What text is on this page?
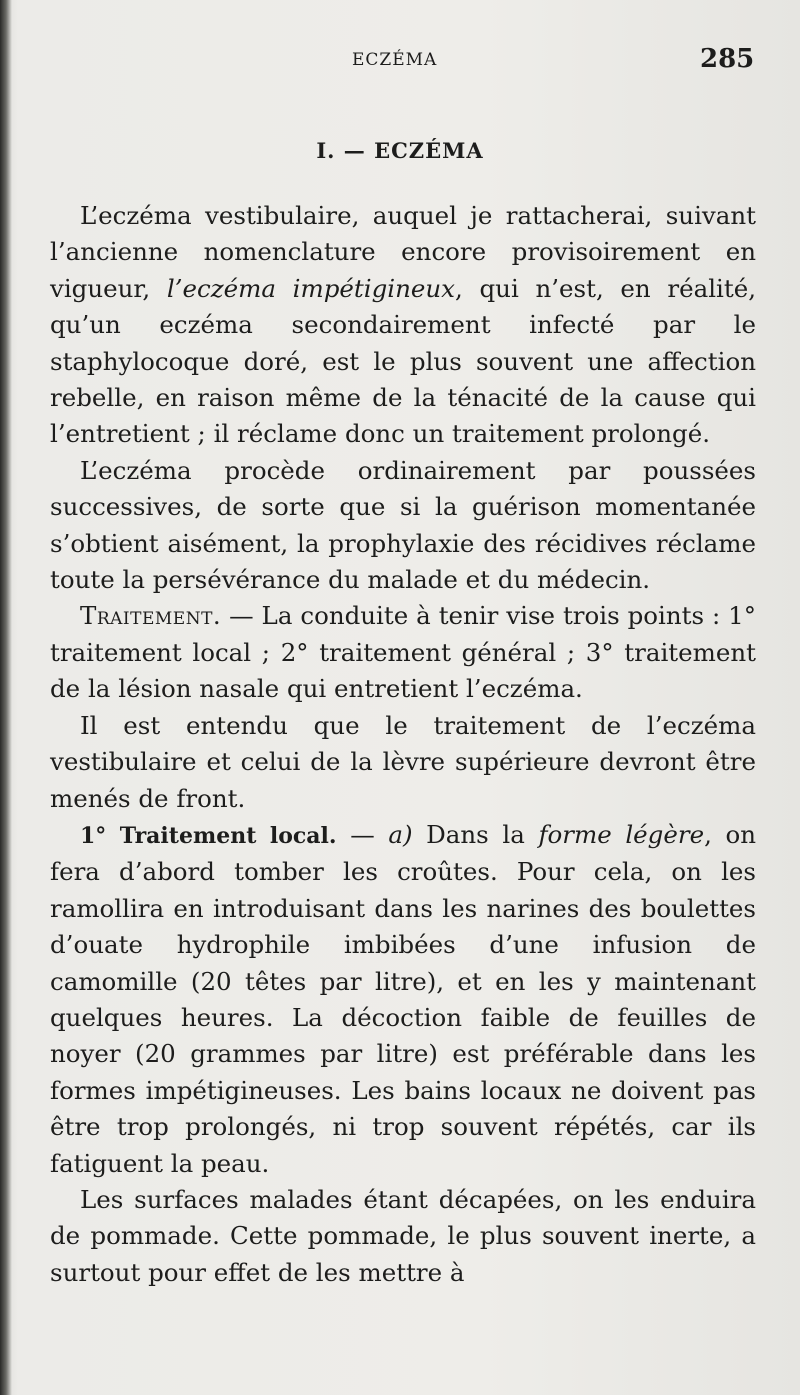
ECZÉMA	285
I. — ECZÉMA

L’eczéma vestibulaire, auquel je rattacherai, suivant l’ancienne nomenclature encore provisoirement en vigueur, l’eczéma impétigineux, qui n’est, en réalité, qu’un eczéma secondairement infecté par le staphylocoque doré, est le plus souvent une affection rebelle, en raison même de la ténacité de la cause qui l’entretient ; il réclame donc un traitement prolongé.

L’eczéma procède ordinairement par poussées successives, de sorte que si la guérison momentanée s’obtient aisément, la prophylaxie des récidives réclame toute la persévérance du malade et du médecin.

Traitement. — La conduite à tenir vise trois points : 1° traitement local ; 2° traitement général ; 3° traitement de la lésion nasale qui entretient l’eczéma.

Il est entendu que le traitement de l’eczéma vestibulaire et celui de la lèvre supérieure devront être menés de front.

1° Traitement local. — a) Dans la forme légère, on fera d’abord tomber les croûtes. Pour cela, on les ramollira en introduisant dans les narines des boulettes d’ouate hydrophile imbibées d’une infusion de camomille (20 têtes par litre), et en les y maintenant quelques heures. La décoction faible de feuilles de noyer (20 grammes par litre) est préférable dans les formes impétigineuses. Les bains locaux ne doivent pas être trop prolongés, ni trop souvent répétés, car ils fatiguent la peau.

Les surfaces malades étant décapées, on les enduira de pommade. Cette pommade, le plus souvent inerte, a surtout pour effet de les mettre à
